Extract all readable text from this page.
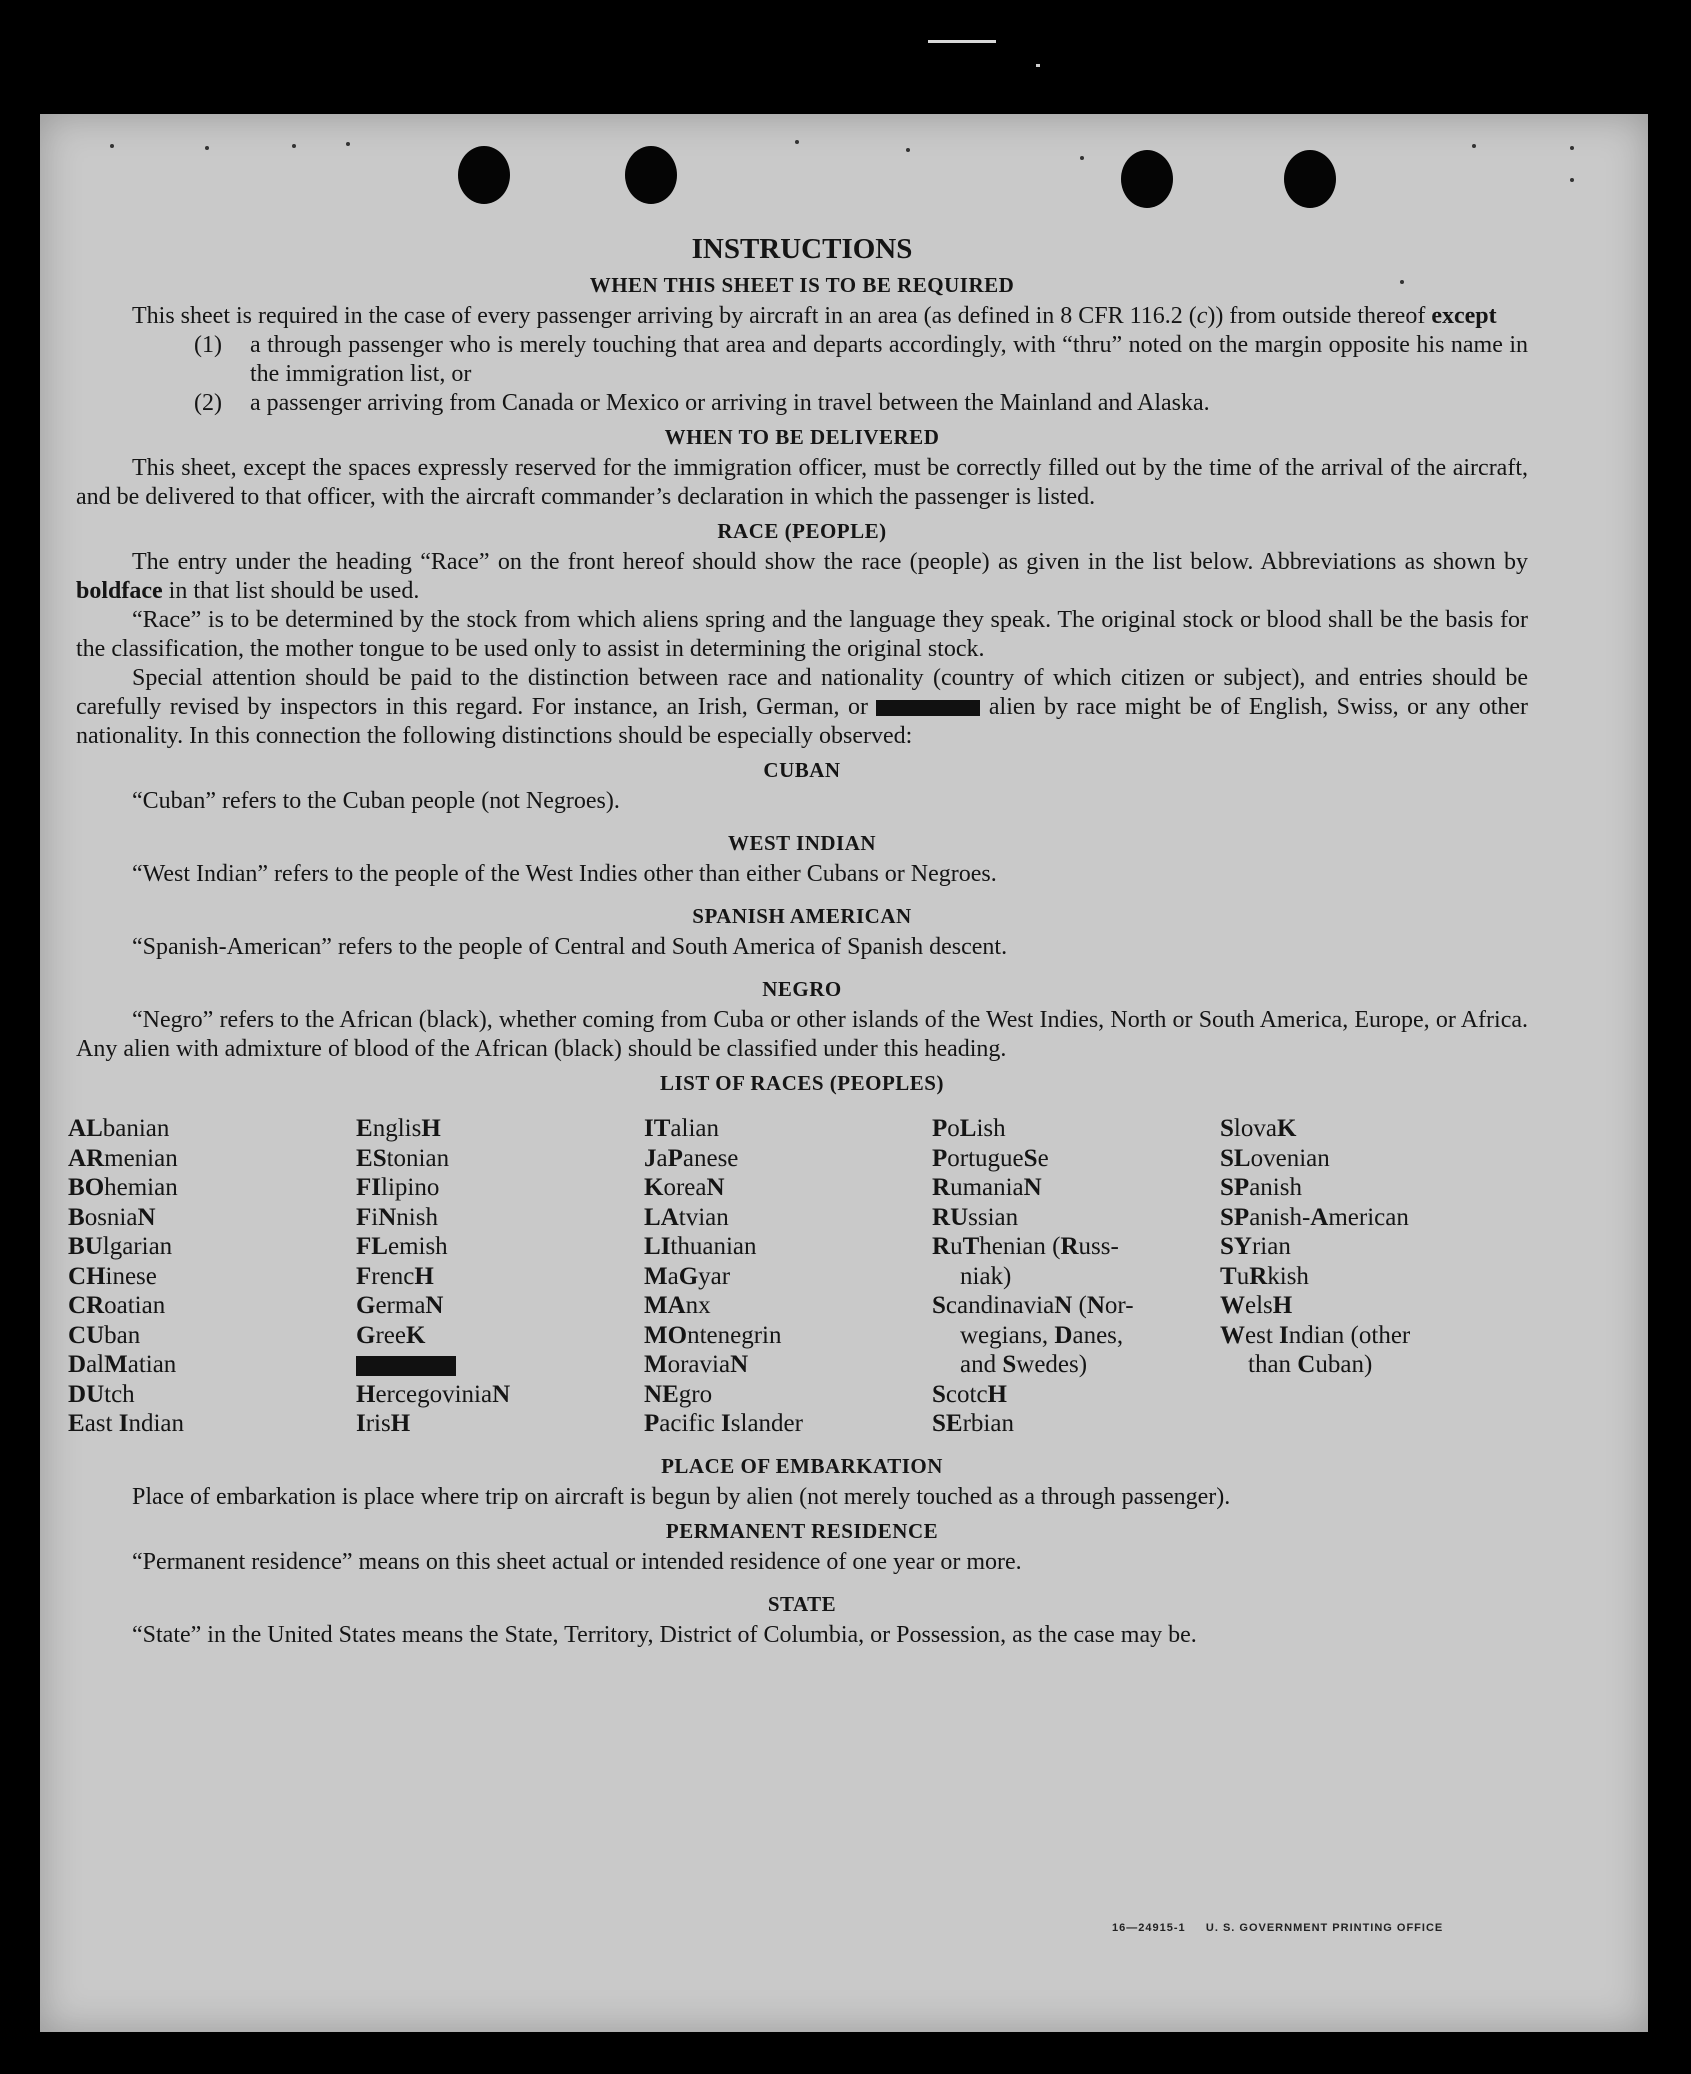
INSTRUCTIONS
WHEN THIS SHEET IS TO BE REQUIRED

This sheet is required in the case of every passenger arriving by aircraft in an area (as defined in 8 CFR 116.2 (c)) from outside thereof except

(1)	a through passenger who is merely touching that area and departs accordingly, with “thru” noted on the margin opposite his name in the immigration list, or
(2)	a passenger arriving from Canada or Mexico or arriving in travel between the Mainland and Alaska.
WHEN TO BE DELIVERED

This sheet, except the spaces expressly reserved for the immigration officer, must be correctly filled out by the time of the arrival of the aircraft, and be delivered to that officer, with the aircraft commander’s declaration in which the passenger is listed.

RACE (PEOPLE)

The entry under the heading “Race” on the front hereof should show the race (people) as given in the list below. Abbreviations as shown by boldface in that list should be used.

“Race” is to be determined by the stock from which aliens spring and the language they speak. The original stock or blood shall be the basis for the classification, the mother tongue to be used only to assist in determining the original stock.

Special attention should be paid to the distinction between race and nationality (country of which citizen or subject), and entries should be carefully revised by inspectors in this regard. For instance, an Irish, German, or	alien by race might be of English, Swiss, or any other nationality. In this connection the following distinctions should be especially observed:

CUBAN

“Cuban” refers to the Cuban people (not Negroes).

WEST INDIAN

“West Indian” refers to the people of the West Indies other than either Cubans or Negroes.

SPANISH AMERICAN

“Spanish-American” refers to the people of Central and South America of Spanish descent.

NEGRO

“Negro” refers to the African (black), whether coming from Cuba or other islands of the West Indies, North or South America, Europe, or Africa. Any alien with admixture of blood of the African (black) should be classified under this heading.

LIST OF RACES (PEOPLES)
ALbanian
ARmenian
BOhemian
BosniaN
BUlgarian
CHinese
CRoatian
CUban
DalMatian
DUtch
East Indian
EnglisH
EStonian
FIlipino
FiNnish
FLemish
FrencH
GermaN
GreeK
HercegoviniaN
IrisH
ITalian
JaPanese
KoreaN
LAtvian
LIthuanian
MaGyar
MAnx
MOntenegrin
MoraviaN
NEgro
Pacific Islander
PoLish
PortugueSe
RumaniaN
RUssian
RuThenian (Russ-
niak)
ScandinaviaN (Nor-
wegians, Danes,
and Swedes)
ScotcH
SErbian
SlovaK
SLovenian
SPanish
SPanish-American
SYrian
TuRkish
WelsH
West Indian (other
than Cuban)
PLACE OF EMBARKATION

Place of embarkation is place where trip on aircraft is begun by alien (not merely touched as a through passenger).

PERMANENT RESIDENCE

“Permanent residence” means on this sheet actual or intended residence of one year or more.

STATE

“State” in the United States means the State, Territory, District of Columbia, or Possession, as the case may be.

16—24915-1 U. S. GOVERNMENT PRINTING OFFICE
